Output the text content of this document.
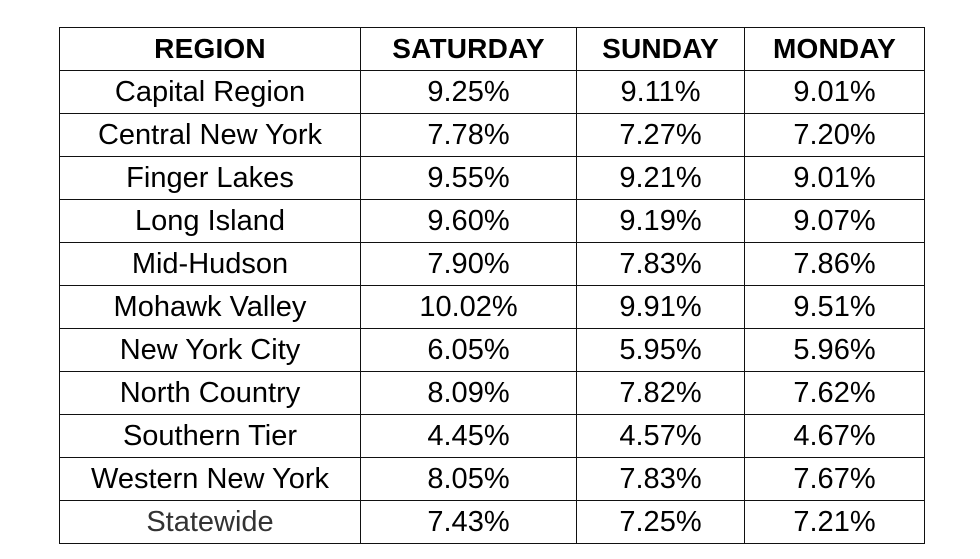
REGION	SATURDAY	SUNDAY	MONDAY
Capital Region	9.25%	9.11%	9.01%
Central New York	7.78%	7.27%	7.20%
Finger Lakes	9.55%	9.21%	9.01%
Long Island	9.60%	9.19%	9.07%
Mid-Hudson	7.90%	7.83%	7.86%
Mohawk Valley	10.02%	9.91%	9.51%
New York City	6.05%	5.95%	5.96%
North Country	8.09%	7.82%	7.62%
Southern Tier	4.45%	4.57%	4.67%
Western New York	8.05%	7.83%	7.67%
Statewide	7.43%	7.25%	7.21%
